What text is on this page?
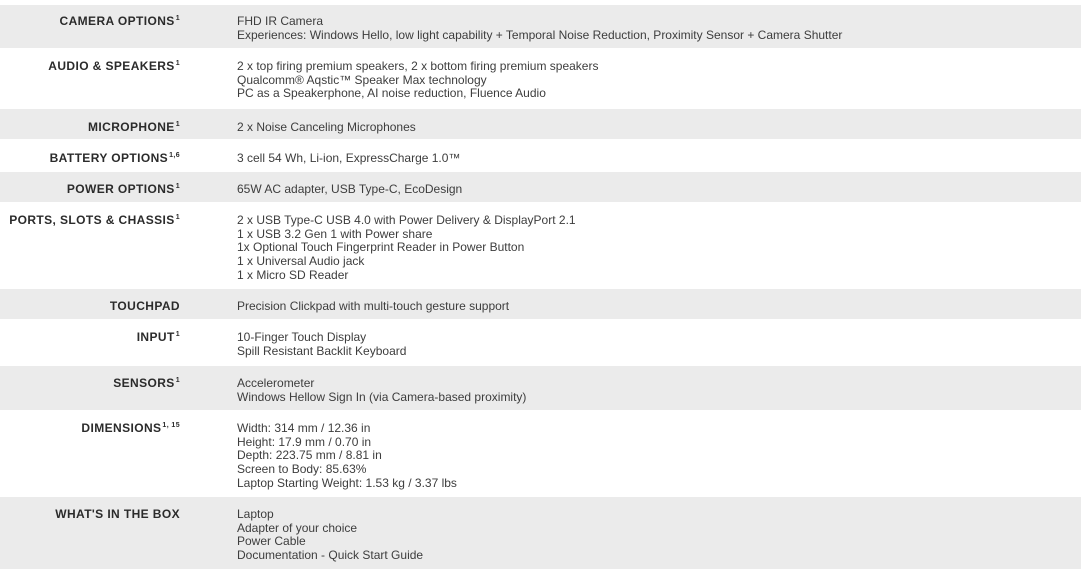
CAMERA OPTIONS$^1$	FHD IR Camera
Experiences: Windows Hello, low light capability + Temporal Noise Reduction, Proximity Sensor + Camera Shutter
AUDIO & SPEAKERS$^1$	2 x top firing premium speakers, 2 x bottom firing premium speakers
Qualcomm® Aqstic™ Speaker Max technology
PC as a Speakerphone, AI noise reduction, Fluence Audio
MICROPHONE$^1$	2 x Noise Canceling Microphones
BATTERY OPTIONS$^{1,6}$	3 cell 54 Wh, Li-ion, ExpressCharge 1.0™
POWER OPTIONS$^1$	65W AC adapter, USB Type-C, EcoDesign
PORTS, SLOTS & CHASSIS$^1$	2 x USB Type-C USB 4.0 with Power Delivery & DisplayPort 2.1
1 x USB 3.2 Gen 1 with Power share
1x Optional Touch Fingerprint Reader in Power Button
1 x Universal Audio jack
1 x Micro SD Reader
TOUCHPAD	Precision Clickpad with multi-touch gesture support
INPUT$^1$	10-Finger Touch Display
Spill Resistant Backlit Keyboard
SENSORS$^1$	Accelerometer
Windows Hellow Sign In (via Camera-based proximity)
DIMENSIONS$^{1, 15}$	Width: 314 mm / 12.36 in
Height: 17.9 mm / 0.70 in
Depth: 223.75 mm / 8.81 in
Screen to Body: 85.63%
Laptop Starting Weight: 1.53 kg / 3.37 lbs
WHAT'S IN THE BOX	Laptop
Adapter of your choice
Power Cable
Documentation - Quick Start Guide
